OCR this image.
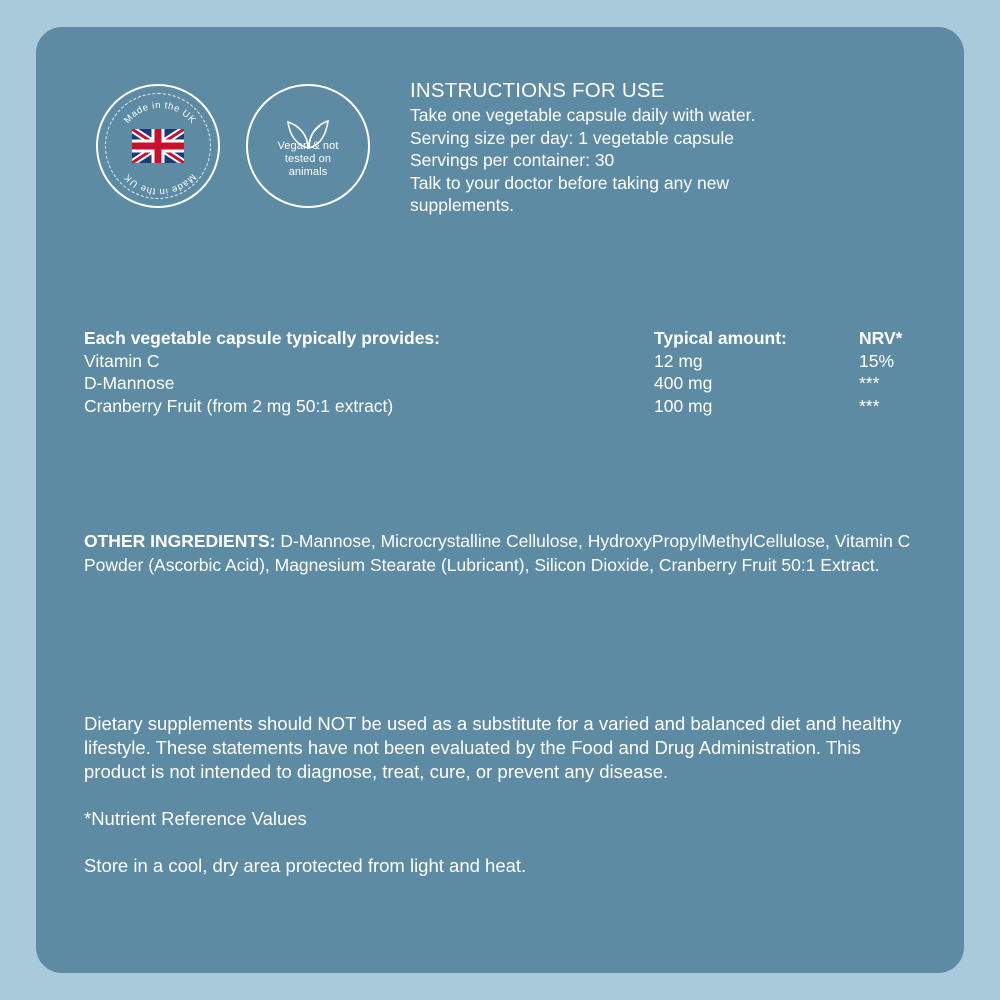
Made in the UK
Made in the UK
Vegan & not
tested on
animals
INSTRUCTIONS FOR USE

Take one vegetable capsule daily with water.

Serving size per day: 1 vegetable capsule

Servings per container: 30

Talk to your doctor before taking any new

supplements.

Each vegetable capsule typically provides:	Typical amount:	NRV*
Vitamin C	12 mg	15%
D-Mannose	400 mg	***
Cranberry Fruit (from 2 mg 50:1 extract)	100 mg	***
OTHER INGREDIENTS: D-Mannose, Microcrystalline Cellulose, HydroxyPropylMethylCellulose, Vitamin C Powder (Ascorbic Acid), Magnesium Stearate (Lubricant), Silicon Dioxide, Cranberry Fruit 50:1 Extract.

Dietary supplements should NOT be used as a substitute for a varied and balanced diet and healthy lifestyle. These statements have not been evaluated by the Food and Drug Administration. This product is not intended to diagnose, treat, cure, or prevent any disease.

*Nutrient Reference Values

Store in a cool, dry area protected from light and heat.
